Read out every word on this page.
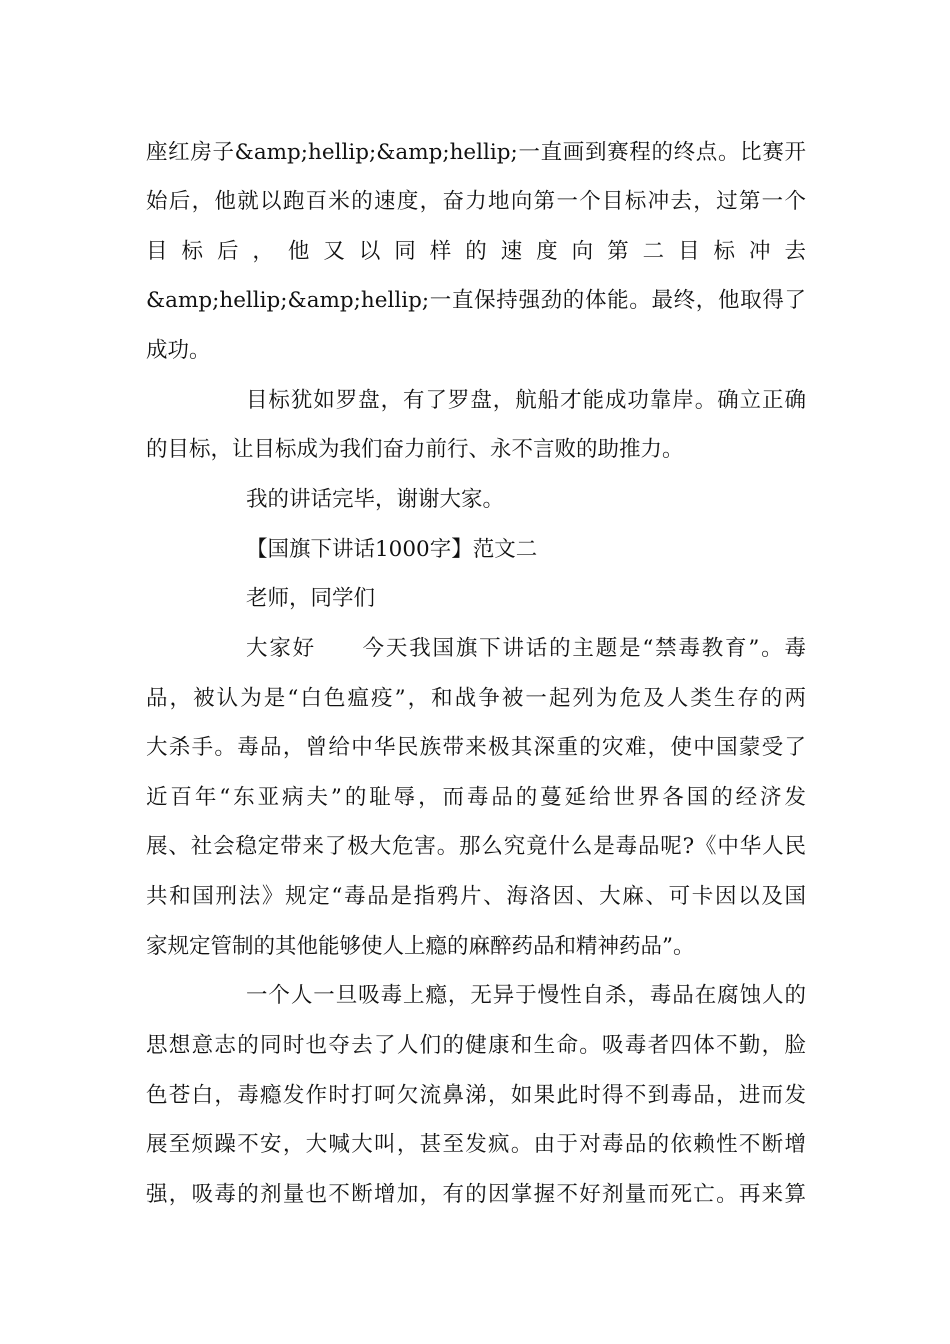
座红房子&amp;hellip;&amp;hellip;一直画到赛程的终点。比赛开
始后，他就以跑百米的速度，奋力地向第一个目标冲去，过第一个
目标后，他又以同样的速度向第二目标冲去
&amp;hellip;&amp;hellip;一直保持强劲的体能。最终，他取得了
成功。
目标犹如罗盘，有了罗盘，航船才能成功靠岸。确立正确
的目标，让目标成为我们奋力前行、永不言败的助推力。
我的讲话完毕，谢谢大家。
【国旗下讲话1000字】范文二
老师，同学们
大家好　　今天我国旗下讲话的主题是“禁毒教育”。毒
品，被认为是“白色瘟疫”，和战争被一起列为危及人类生存的两
大杀手。毒品，曾给中华民族带来极其深重的灾难，使中国蒙受了
近百年“东亚病夫”的耻辱，而毒品的蔓延给世界各国的经济发
展、社会稳定带来了极大危害。那么究竟什么是毒品呢?《中华人民
共和国刑法》规定“毒品是指鸦片、海洛因、大麻、可卡因以及国
家规定管制的其他能够使人上瘾的麻醉药品和精神药品”。
一个人一旦吸毒上瘾，无异于慢性自杀，毒品在腐蚀人的
思想意志的同时也夺去了人们的健康和生命。吸毒者四体不勤，脸
色苍白，毒瘾发作时打呵欠流鼻涕，如果此时得不到毒品，进而发
展至烦躁不安，大喊大叫，甚至发疯。由于对毒品的依赖性不断增
强，吸毒的剂量也不断增加，有的因掌握不好剂量而死亡。再来算
